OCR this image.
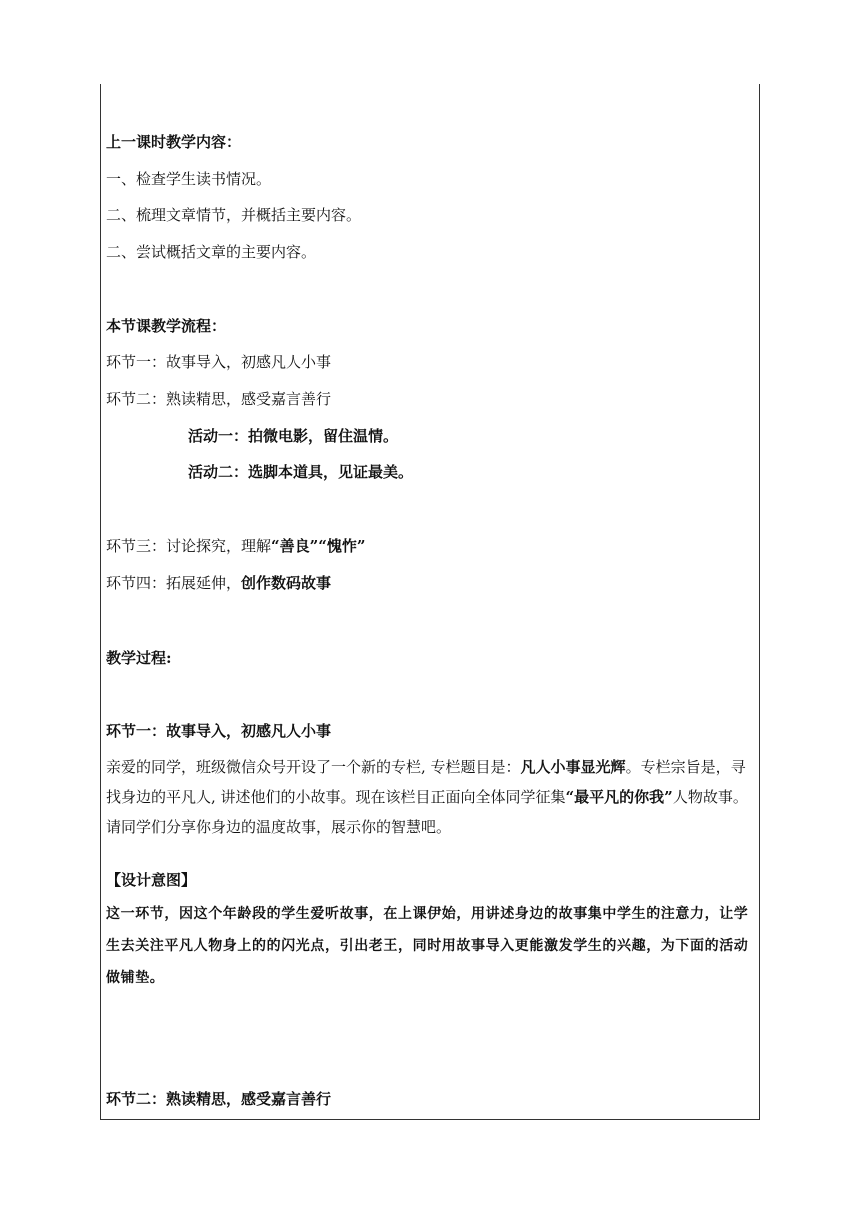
上一课时教学内容：
一、检查学生读书情况。
二、梳理文章情节，并概括主要内容。
二、尝试概括文章的主要内容。
本节课教学流程：
环节一：故事导入，初感凡人小事
环节二：熟读精思，感受嘉言善行
活动一：拍微电影，留住温情。
活动二：选脚本道具，见证最美。
环节三：讨论探究，理解“善良”“愧怍”
环节四：拓展延伸，创作数码故事
教学过程:
环节一：故事导入，初感凡人小事
亲爱的同学，班级微信众号开设了一个新的专栏, 专栏题目是：凡人小事显光辉。专栏宗旨是，寻找身边的平凡人, 讲述他们的小故事。现在该栏目正面向全体同学征集“最平凡的你我”人物故事。请同学们分享你身边的温度故事，展示你的智慧吧。
【设计意图】
这一环节，因这个年龄段的学生爱听故事，在上课伊始，用讲述身边的故事集中学生的注意力，让学生去关注平凡人物身上的的闪光点，引出老王，同时用故事导入更能激发学生的兴趣，为下面的活动做铺垫。
环节二：熟读精思，感受嘉言善行
